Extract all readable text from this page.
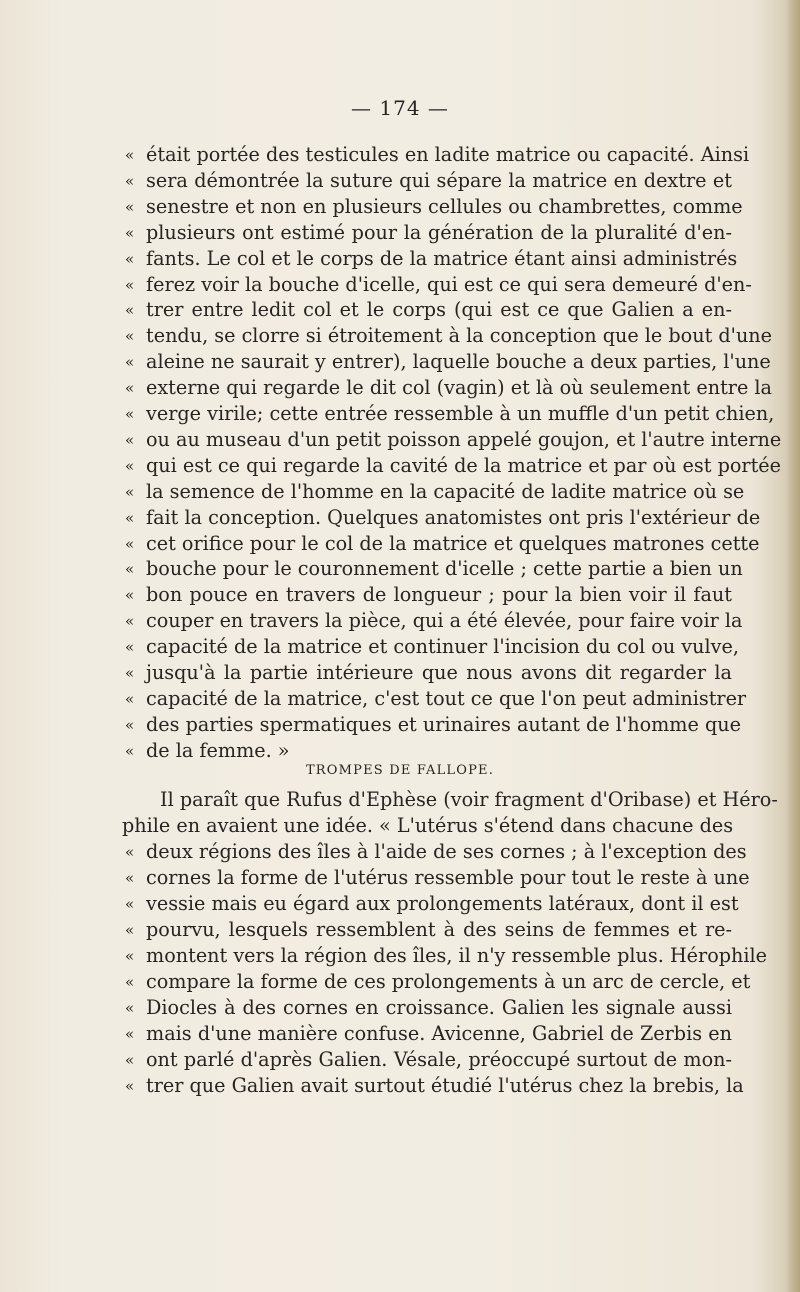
— 174 —
« était portée des testicules en ladite matrice ou capacité. Ainsi
« sera démontrée la suture qui sépare la matrice en dextre et
« senestre et non en plusieurs cellules ou chambrettes, comme
« plusieurs ont estimé pour la génération de la pluralité d'en-
« fants. Le col et le corps de la matrice étant ainsi administrés
« ferez voir la bouche d'icelle, qui est ce qui sera demeuré d'en-
« trer entre ledit col et le corps (qui est ce que Galien a en-
« tendu, se clorre si étroitement à la conception que le bout d'une
« aleine ne saurait y entrer), laquelle bouche a deux parties, l'une
« externe qui regarde le dit col (vagin) et là où seulement entre la
« verge virile; cette entrée ressemble à un muffle d'un petit chien,
« ou au museau d'un petit poisson appelé goujon, et l'autre interne
« qui est ce qui regarde la cavité de la matrice et par où est portée
« la semence de l'homme en la capacité de ladite matrice où se
« fait la conception. Quelques anatomistes ont pris l'extérieur de
« cet orifice pour le col de la matrice et quelques matrones cette
« bouche pour le couronnement d'icelle ; cette partie a bien un
« bon pouce en travers de longueur ; pour la bien voir il faut
« couper en travers la pièce, qui a été élevée, pour faire voir la
« capacité de la matrice et continuer l'incision du col ou vulve,
« jusqu'à la partie intérieure que nous avons dit regarder la
« capacité de la matrice, c'est tout ce que l'on peut administrer
« des parties spermatiques et urinaires autant de l'homme que
« de la femme. »
TROMPES DE FALLOPE.
Il paraît que Rufus d'Ephèse (voir fragment d'Oribase) et Héro-
phile en avaient une idée. « L'utérus s'étend dans chacune des
« deux régions des îles à l'aide de ses cornes ; à l'exception des
« cornes la forme de l'utérus ressemble pour tout le reste à une
« vessie mais eu égard aux prolongements latéraux, dont il est
« pourvu, lesquels ressemblent à des seins de femmes et re-
« montent vers la région des îles, il n'y ressemble plus. Hérophile
« compare la forme de ces prolongements à un arc de cercle, et
« Diocles à des cornes en croissance. Galien les signale aussi
« mais d'une manière confuse. Avicenne, Gabriel de Zerbis en
« ont parlé d'après Galien. Vésale, préoccupé surtout de mon-
« trer que Galien avait surtout étudié l'utérus chez la brebis, la
